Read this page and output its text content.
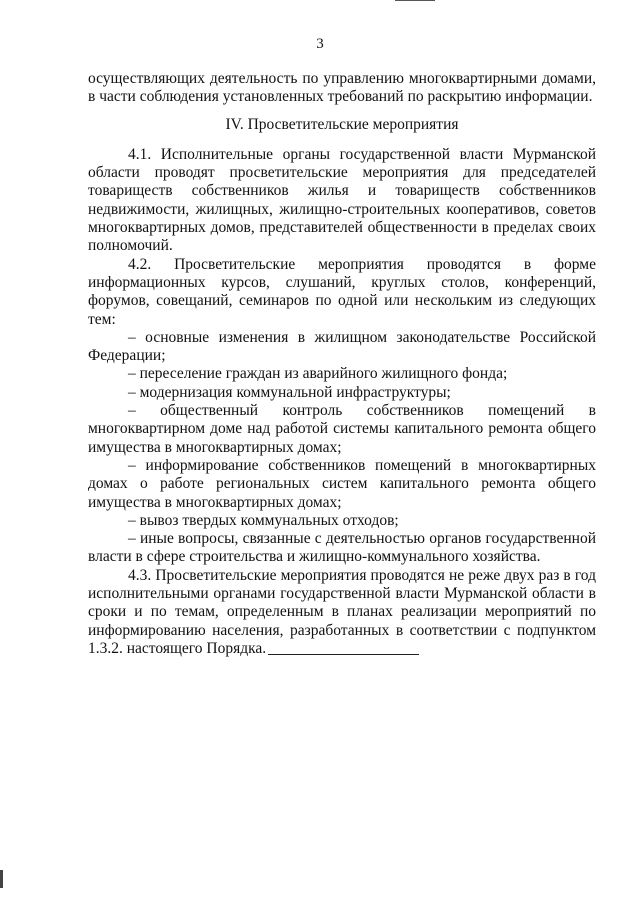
3

осуществляющих деятельность по управлению многоквартирными домами, в части соблюдения установленных требований по раскрытию информации.

IV. Просветительские мероприятия

4.1. Исполнительные органы государственной власти Мурманской области проводят просветительские мероприятия для председателей товариществ собственников жилья и товариществ собственников недвижимости, жилищных, жилищно-строительных кооперативов, советов многоквартирных домов, представителей общественности в пределах своих полномочий.

4.2. Просветительские мероприятия проводятся в форме информационных курсов, слушаний, круглых столов, конференций, форумов, совещаний, семинаров по одной или нескольким из следующих тем:

– основные изменения в жилищном законодательстве Российской Федерации;

– переселение граждан из аварийного жилищного фонда;

– модернизация коммунальной инфраструктуры;

– общественный контроль собственников помещений в многоквартирном доме над работой системы капитального ремонта общего имущества в многоквартирных домах;

– информирование собственников помещений в многоквартирных домах о работе региональных систем капитального ремонта общего имущества в многоквартирных домах;

– вывоз твердых коммунальных отходов;

– иные вопросы, связанные с деятельностью органов государственной власти в сфере строительства и жилищно-коммунального хозяйства.

4.3. Просветительские мероприятия проводятся не реже двух раз в год исполнительными органами государственной власти Мурманской области в сроки и по темам, определенным в планах реализации мероприятий по информированию населения, разработанных в соответствии с подпунктом 1.3.2. настоящего Порядка.
